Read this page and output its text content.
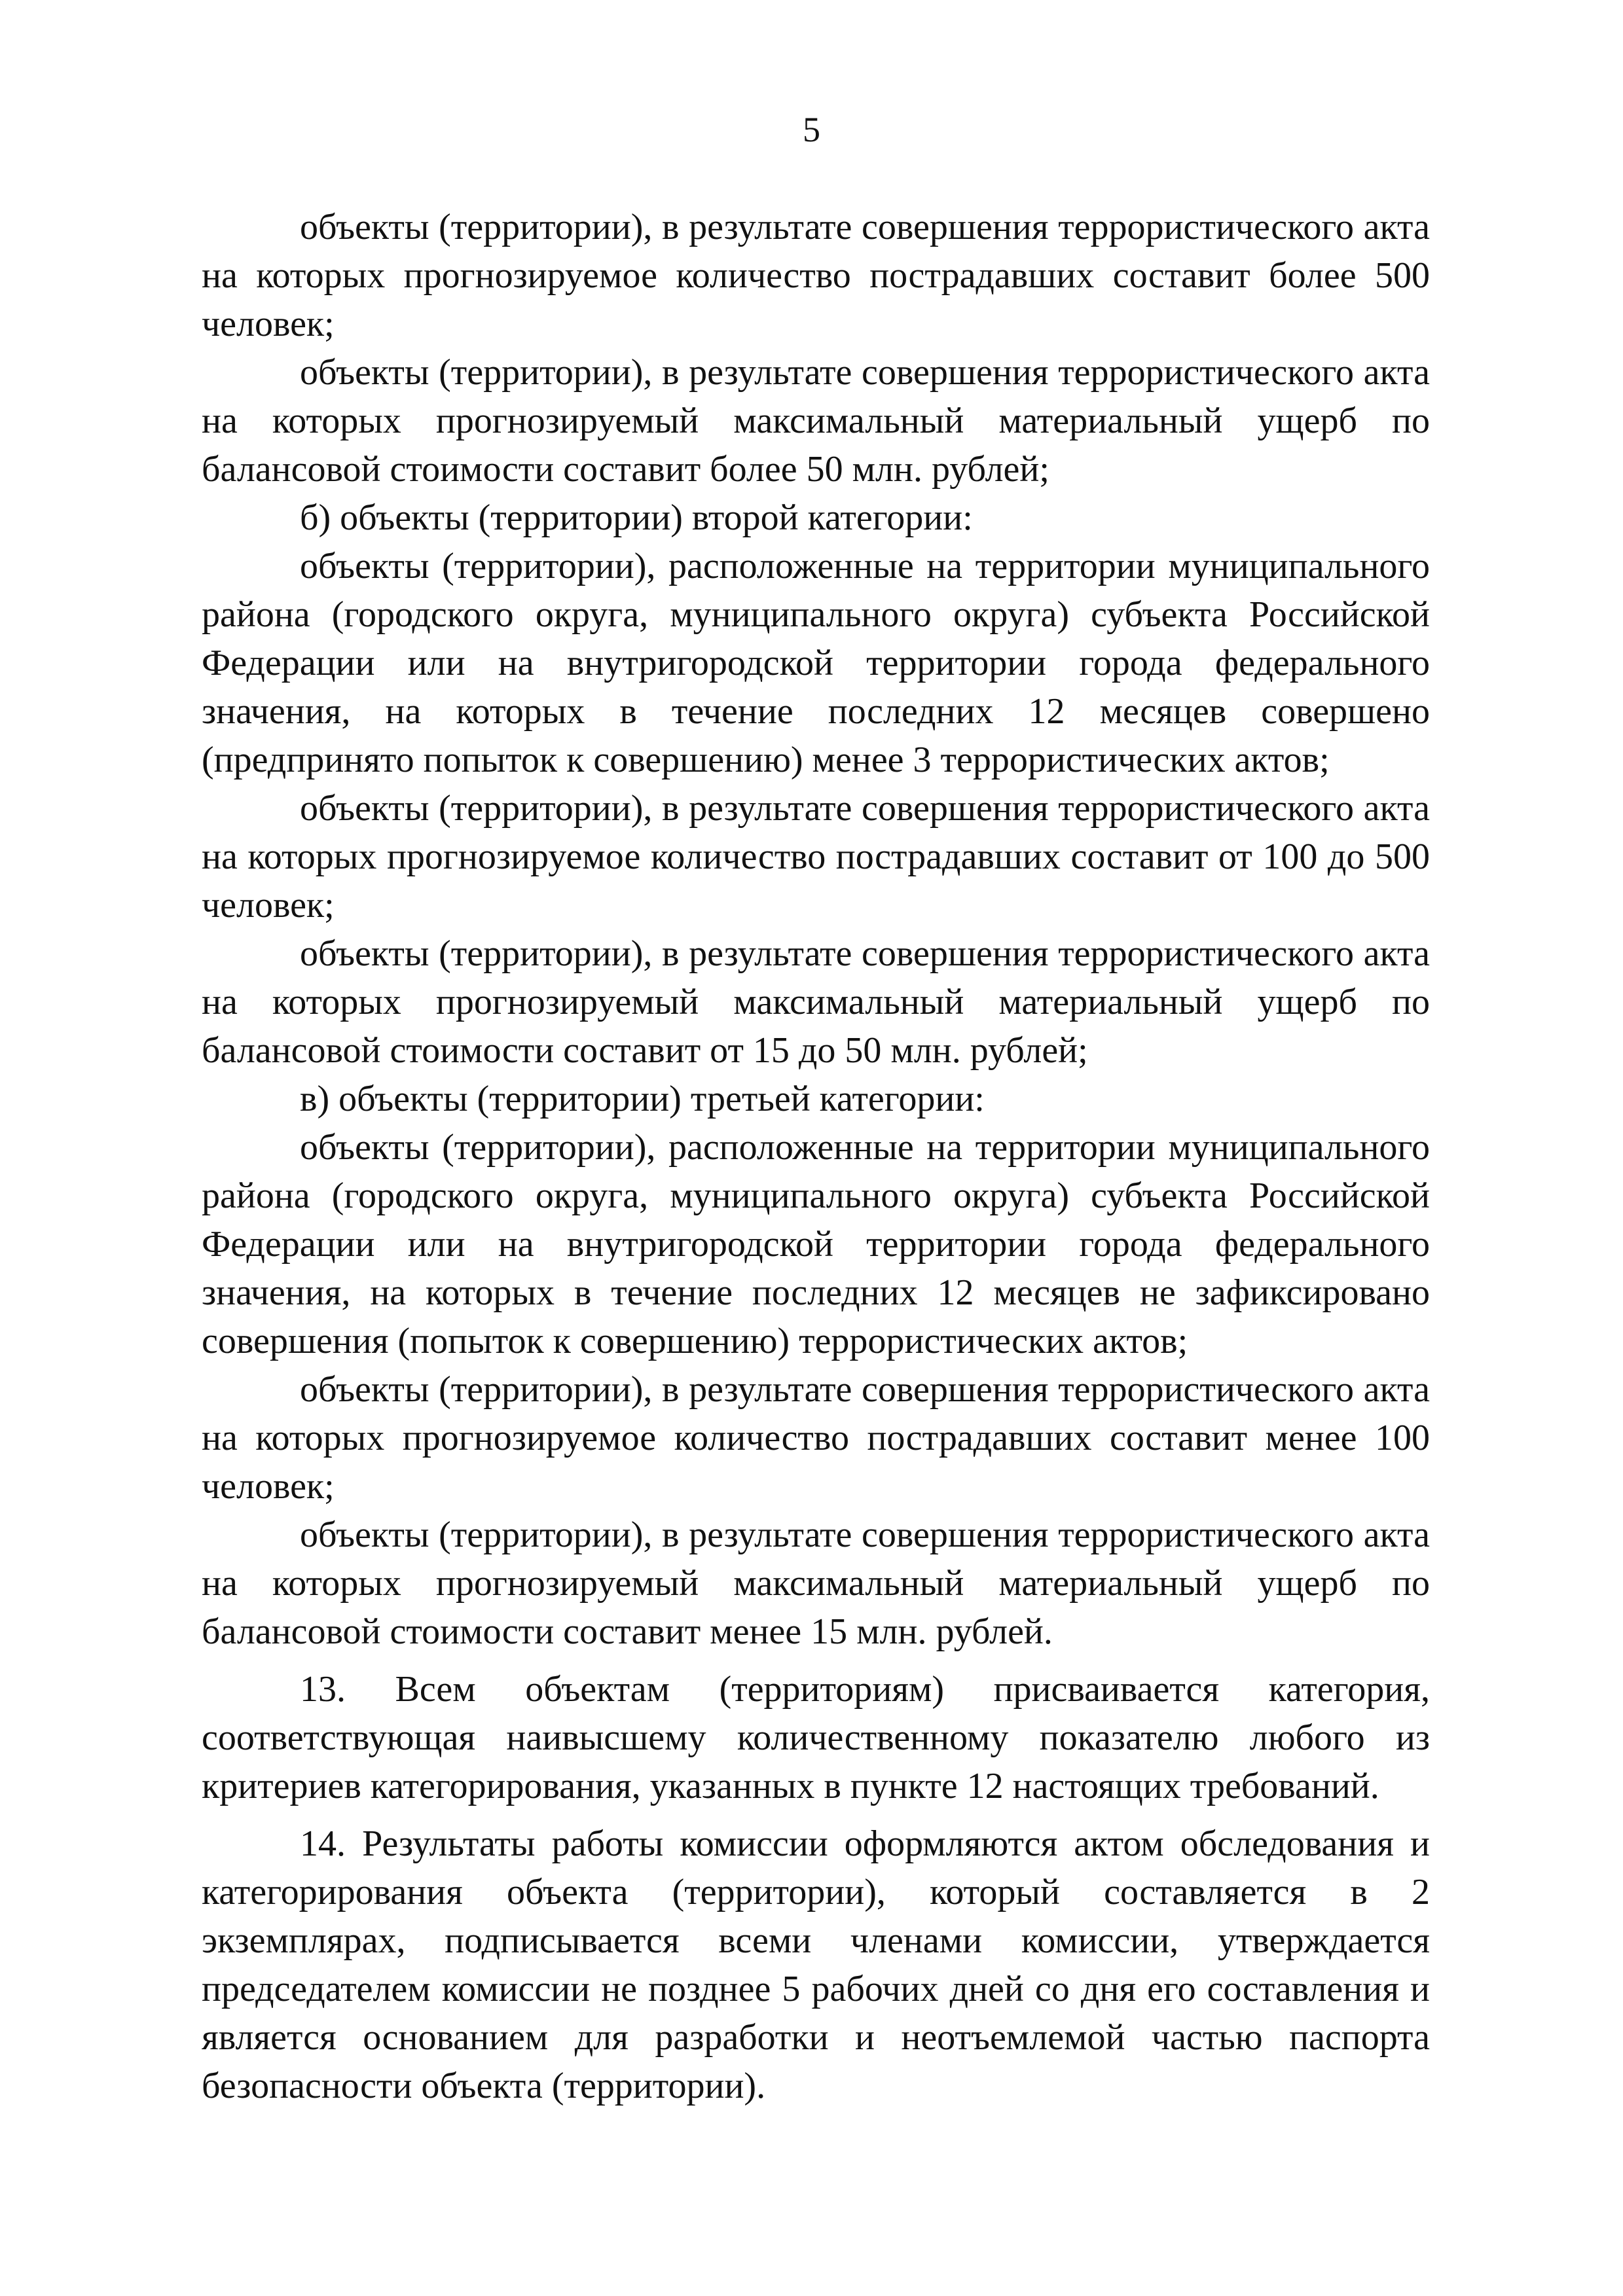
5

объекты (территории), в результате совершения террористического акта на которых прогнозируемое количество пострадавших составит более 500 человек;

объекты (территории), в результате совершения террористического акта на которых прогнозируемый максимальный материальный ущерб по балансовой стоимости составит более 50 млн. рублей;

б) объекты (территории) второй категории:

объекты (территории), расположенные на территории муниципального района (городского округа, муниципального округа) субъекта Российской Федерации или на внутригородской территории города федерального значения, на которых в течение последних 12 месяцев совершено (предпринято попыток к совершению) менее 3 террористических актов;

объекты (территории), в результате совершения террористического акта на которых прогнозируемое количество пострадавших составит от 100 до 500 человек;

объекты (территории), в результате совершения террористического акта на которых прогнозируемый максимальный материальный ущерб по балансовой стоимости составит от 15 до 50 млн. рублей;

в) объекты (территории) третьей категории:

объекты (территории), расположенные на территории муниципального района (городского округа, муниципального округа) субъекта Российской Федерации или на внутригородской территории города федерального значения, на которых в течение последних 12 месяцев не зафиксировано совершения (попыток к совершению) террористических актов;

объекты (территории), в результате совершения террористического акта на которых прогнозируемое количество пострадавших составит менее 100 человек;

объекты (территории), в результате совершения террористического акта на которых прогнозируемый максимальный материальный ущерб по балансовой стоимости составит менее 15 млн. рублей.

13. Всем объектам (территориям) присваивается категория, соответствующая наивысшему количественному показателю любого из критериев категорирования, указанных в пункте 12 настоящих требований.

14. Результаты работы комиссии оформляются актом обследования и категорирования объекта (территории), который составляется в 2 экземплярах, подписывается всеми членами комиссии, утверждается председателем комиссии не позднее 5 рабочих дней со дня его составления и является основанием для разработки и неотъемлемой частью паспорта безопасности объекта (территории).
